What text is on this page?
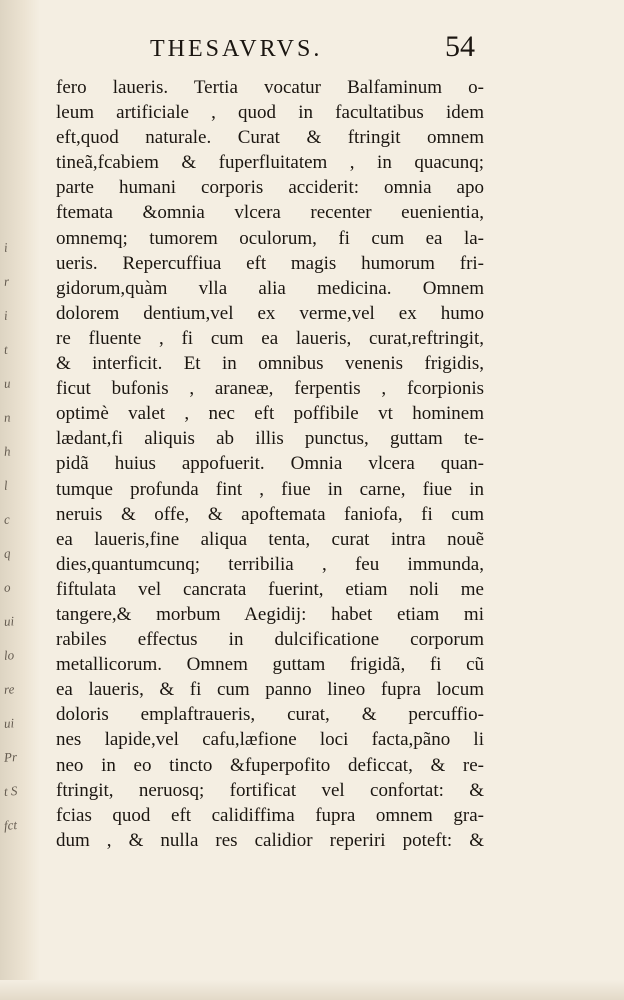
i
r
i
t
u
n
h
l
c
q
o
ui
lo
re
ui
Pr
t S
fct
THESAVRVS.	54
fero laueris. Tertia vocatur Balfaminum o-
leum artificiale , quod in facultatibus idem
eft,quod naturale. Curat & ftringit omnem
tineã,fcabiem & fuperfluitatem , in quacunq;
parte humani corporis acciderit: omnia apo
ftemata &omnia vlcera recenter euenientia,
omnemq; tumorem oculorum, fi cum ea la-
ueris. Repercuffiua eft magis humorum fri-
gidorum,quàm vlla alia medicina. Omnem
dolorem dentium,vel ex verme,vel ex humo
re fluente , fi cum ea laueris, curat,reftringit,
& interficit. Et in omnibus venenis frigidis,
ficut bufonis , araneæ, ferpentis , fcorpionis
optimè valet , nec eft poffibile vt hominem
lædant,fi aliquis ab illis punctus, guttam te-
pidã huius appofuerit. Omnia vlcera quan-
tumque profunda fint , fiue in carne, fiue in
neruis & offe, & apoftemata faniofa, fi cum
ea laueris,fine aliqua tenta, curat intra nouẽ
dies,quantumcunq; terribilia , feu immunda,
fiftulata vel cancrata fuerint, etiam noli me
tangere,& morbum Aegidij: habet etiam mi
rabiles effectus in dulcificatione corporum
metallicorum. Omnem guttam frigidã, fi cũ
ea laueris, & fi cum panno lineo fupra locum
doloris emplaftraueris, curat, & percuffio-
nes lapide,vel cafu,læfione loci facta,pãno li
neo in eo tincto &fuperpofito deficcat, & re-
ftringit, neruosq; fortificat vel confortat: &
fcias quod eft calidiffima fupra omnem gra-
dum , & nulla res calidior reperiri poteft: &
